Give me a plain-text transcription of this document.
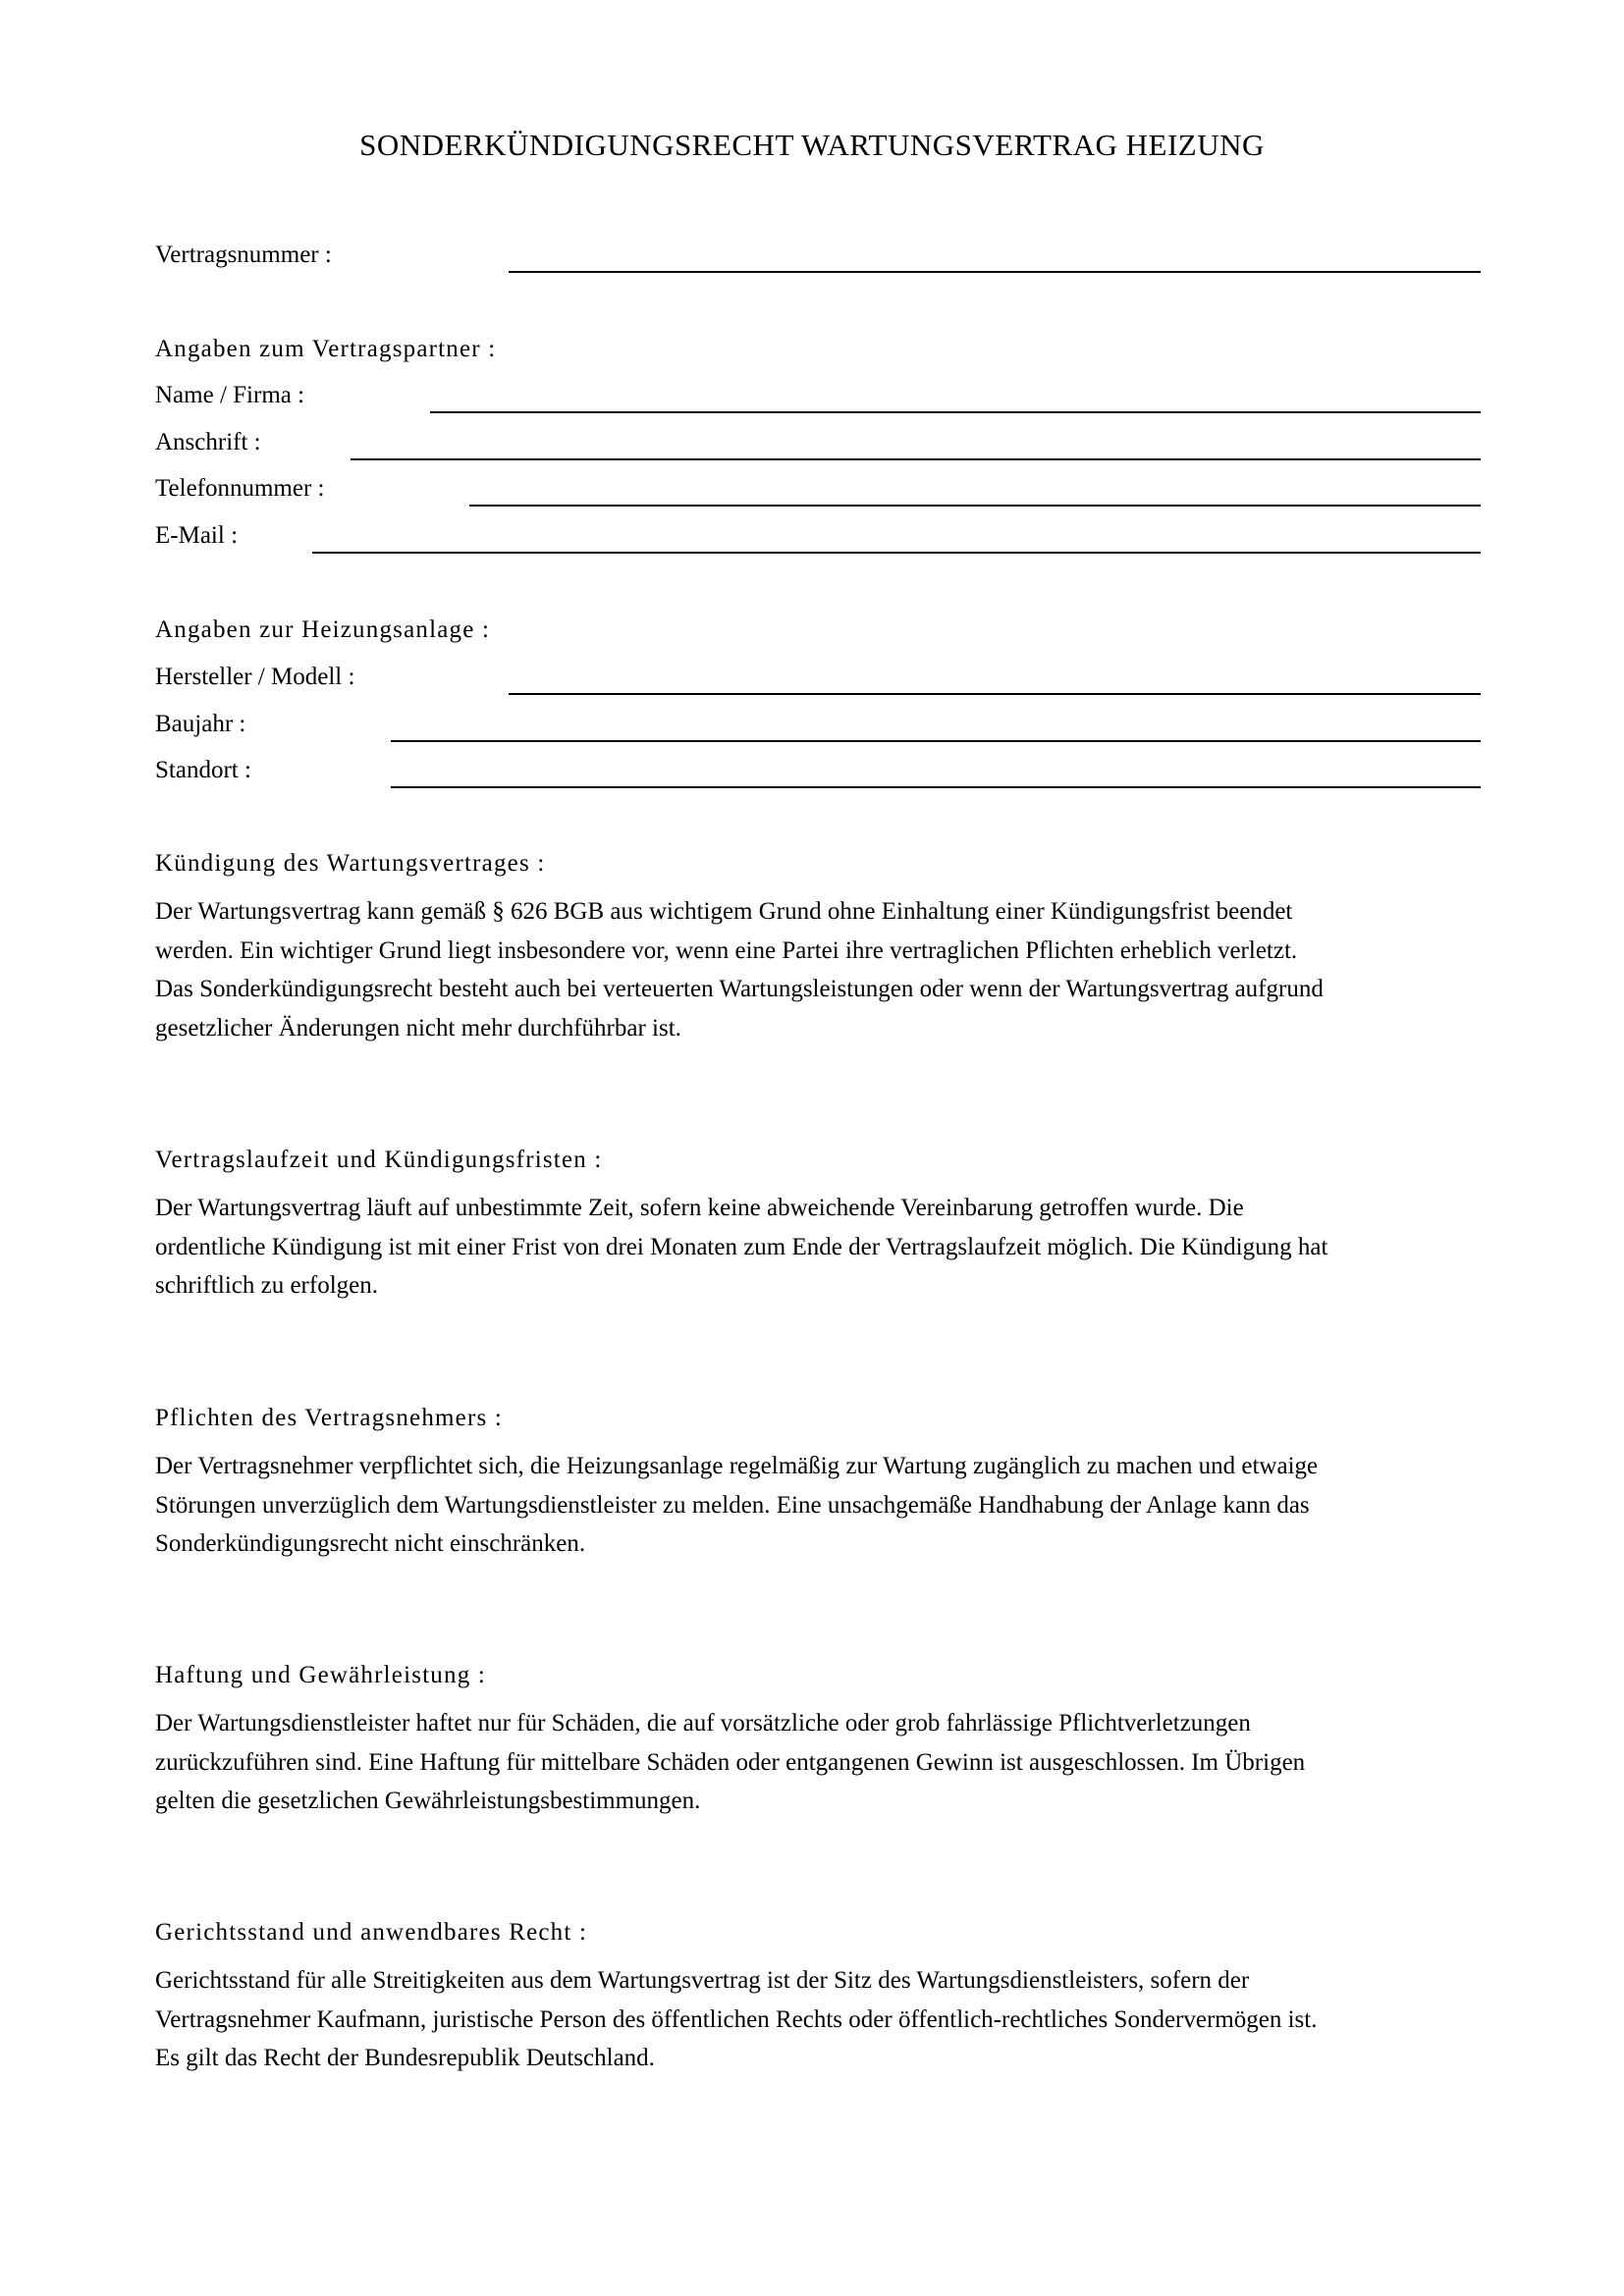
SONDERKÜNDIGUNGSRECHT WARTUNGSVERTRAG HEIZUNG
Vertragsnummer :
Angaben zum Vertragspartner :
Name / Firma :
Anschrift :
Telefonnummer :
E-Mail :
Angaben zur Heizungsanlage :
Hersteller / Modell :
Baujahr :
Standort :
Kündigung des Wartungsvertrages :
Der Wartungsvertrag kann gemäß § 626 BGB aus wichtigem Grund ohne Einhaltung einer Kündigungsfrist beendet
werden. Ein wichtiger Grund liegt insbesondere vor, wenn eine Partei ihre vertraglichen Pflichten erheblich verletzt.
Das Sonderkündigungsrecht besteht auch bei verteuerten Wartungsleistungen oder wenn der Wartungsvertrag aufgrund
gesetzlicher Änderungen nicht mehr durchführbar ist.
Vertragslaufzeit und Kündigungsfristen :
Der Wartungsvertrag läuft auf unbestimmte Zeit, sofern keine abweichende Vereinbarung getroffen wurde. Die
ordentliche Kündigung ist mit einer Frist von drei Monaten zum Ende der Vertragslaufzeit möglich. Die Kündigung hat
schriftlich zu erfolgen.
Pflichten des Vertragsnehmers :
Der Vertragsnehmer verpflichtet sich, die Heizungsanlage regelmäßig zur Wartung zugänglich zu machen und etwaige
Störungen unverzüglich dem Wartungsdienstleister zu melden. Eine unsachgemäße Handhabung der Anlage kann das
Sonderkündigungsrecht nicht einschränken.
Haftung und Gewährleistung :
Der Wartungsdienstleister haftet nur für Schäden, die auf vorsätzliche oder grob fahrlässige Pflichtverletzungen
zurückzuführen sind. Eine Haftung für mittelbare Schäden oder entgangenen Gewinn ist ausgeschlossen. Im Übrigen
gelten die gesetzlichen Gewährleistungsbestimmungen.
Gerichtsstand und anwendbares Recht :
Gerichtsstand für alle Streitigkeiten aus dem Wartungsvertrag ist der Sitz des Wartungsdienstleisters, sofern der
Vertragsnehmer Kaufmann, juristische Person des öffentlichen Rechts oder öffentlich-rechtliches Sondervermögen ist.
Es gilt das Recht der Bundesrepublik Deutschland.
